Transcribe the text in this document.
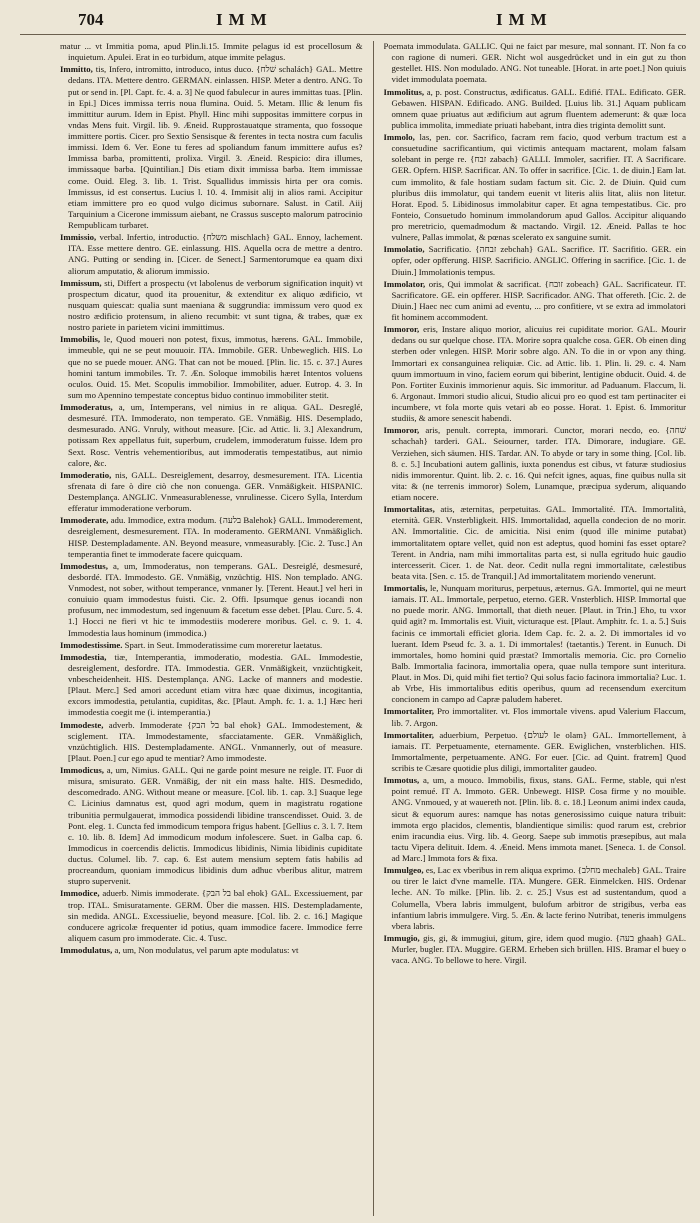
704	IMM	IMM

matur ... vt Immitia poma, apud Plin.li.15. Immite pelagus id est procellosum & inquietum. Apulei. Erat in eo turbidum, atque immite pelagus.

Immitto, tis, Infero, intromitto, introduco, intus duco. {שׁלח schalách} GAL. Mettre dedans. ITA. Mettere dentro. GERMAN. einlassen. HISP. Meter a dentro. ANG. To put or send in. [Pl. Capt. fc. 4. a. 3] Ne quod fabulecur in aures immittas tuas. [Plin. in Epi.] Dices immissa terris noua flumina. Ouid. 5. Metam. Illic & lenum fis immittitur aurum. Idem in Epist. Phyll. Hinc mihi suppositas immittere corpus in vndas Mens fuit. Virgil. lib. 9. Æneid. Rupprostauatque stramenta, quo fossoque immittere portis. Cicer. pro Sextio Sensisque & ferentes in tecta nostra cum faculis immissi. Idem 6. Ver. Eone tu feres ad spoliandum fanum immittere aufus es? Immissa barba, promittenti, prolixa. Virgil. 3. Æneid. Respicio: dira illumes, immissaque barba. [Quintilian.] Dis etiam dixit immissa barba. Item immissae come. Ouid. Eleg. 3. lib. 1. Trist. Squallidus immissis hirta per ora comis. Immissus, id est consertus. Lucius l. 10. 4. Immisit alij in alios rami. Accipitur etiam immittere pro eo quod vulgo dicimus subornare. Salust. in Catil. Aiij Tarquinium a Cicerone immissum aiebant, ne Crassus suscepto malorum patrocinio Rempublicam turbaret.

Immissio, verbal. Infertio, introductio. {משלח mischlach} GAL. Ennoy, lachement. ITA. Esse mettere dentro. GE. einlassung. HIS. Aquella ocra de mettre a dentro. ANG. Putting or sending in. [Cicer. de Senect.] Sarmentorumque ea quam dixi aliorum amputatio, & aliorum immissio.

Immissum, sti, Differt a prospectu (vt labolenus de verborum signification inquit) vt prospectum dicatur, quod ita prouenitur, & extenditur ex aliquo ædificio, vt nusquam quiescat: qualia sunt maeniana & suggrundia: immissum vero quod ex nostro ædificio protensum, in alieno recumbit: vt sunt tigna, & trabes, quæ ex nostro pariete in parietem vicini immittimus.

Immobilis, le, Quod moueri non potest, fixus, immotus, hærens. GAL. Immobile, immeuble, qui ne se peut mouuoir. ITA. Immobile. GER. Unbeweglich. HIS. Lo que no se puede mouer. ANG. That can not be moued. [Plin. lic. 15. c. 37.] Aures homini tantum immobiles. Tr. 7. Æn. Soloque immobilis hæret Intentos voluens oculos. Ouid. 15. Met. Scopulis immobilior. Immobiliter, aduer. Eutrop. 4. 3. In sum mo Apennino tempestate conceptus biduo continuo immobiliter stetit.

Immoderatus, a, um, Intemperans, vel nimius in re aliqua. GAL. Desreglé, desmesuré. ITA. Immoderato, non temperato. GE. Vnmäßig. HIS. Desemplado, desmesurado. ANG. Vnruly, without measure. [Cic. ad Attic. li. 3.] Alexandrum, potissam Rex appellatus fuit, superbum, crudelem, immoderatum fuisse. Idem pro Sext. Rosc. Ventris vehementioribus, aut immoderatis tempestatibus, aut nimio calore, &c.

Immoderatio, nis, GALL. Desreiglement, desarroy, desmesurement. ITA. Licentia sfrenata di fare ò dire ciò che non conuenga. GER. Vnmäßigkeit. HISPANIC. Destemplança. ANGLIC. Vnmeasurablenesse, vnrulinesse. Cicero Sylla, Interdum efferatur immoderatione verborum.

Immoderate, adu. Immodice, extra modum. {בלעה Balehok} GALL. Immoderement, desreiglement, desmesurement. ITA. In moderamento. GERMANI. Vnmäßiglich. HISP. Destempladamente. AN. Beyond measure, vnmeasurably. [Cic. 2. Tusc.] An temperantia finet te immoderate facere quicquam.

Immodestus, a, um, Immoderatus, non temperans. GAL. Desreiglé, desmesuré, desbordé. ITA. Immodesto. GE. Vnmäßig, vnzüchtig. HIS. Non templado. ANG. Vnmodest, not sober, without temperance, vnmaner ly. [Terent. Heaut.] vel heri in conuiuio quam immodestus fuisti. Cic. 2. Offi. Ipsumque genus iocandi non profusum, nec immodestum, sed ingenuum & facetum esse debet. [Plau. Curc. 5. 4. 1.] Hocci ne fieri vt hic te immodestiis moderere moribus. Gel. c. 9. 1. 4. Immodestia laus hominum (immodica.)

Immodestissime. Spart. in Seut. Immoderatissime cum moreretur laetatus.

Immodestia, tiæ, Intemperantia, immoderatio, modestia. GAL. Immodestie, desreiglement, desfordre. ITA. Immodestia. GER. Vnmäßigkeit, vnzüchtigkeit, vnbescheidenheit. HIS. Destemplança. ANG. Lacke of manners and modestie. [Plaut. Merc.] Sed amori accedunt etiam vitra hæc quae diximus, incogitantia, excors immodestia, petulantia, cupiditas, &c. [Plaut. Amph. fc. 1. a. 1.] Hæc heri immodestia coegit me (i. intemperantia.)

Immodeste, adverb. Immoderate {בל הבק bal ehok} GAL. Immodestement, & sciglement. ITA. Immodestamente, sfacciatamente. GER. Vnmäßiglich, vnzüchtiglich. HIS. Destempladamente. ANGL. Vnmannerly, out of measure. [Plaut. Poen.] cur ego apud te mentiar? Amo immodeste.

Immodicus, a, um, Nimius. GALL. Qui ne garde point mesure ne reigle. IT. Fuor di misura, smisurato. GER. Vnmäßig, der nit ein mass halte. HIS. Desmedido, descomedrado. ANG. Without meane or measure. [Col. lib. 1. cap. 3.] Suaque lege C. Licinius damnatus est, quod agri modum, quem in magistratu rogatione tribunitia permulgauerat, immodica possidendi libidine transcendisset. Ouid. 3. de Pont. eleg. 1. Cuncta fed immodicum tempora frigus habent. [Gellius c. 3. l. 7. Item c. 10. lib. 8. Idem] Ad immodicum modum infolescere. Suet. in Galba cap. 6. Immodicus in coercendis delictis. Immodicus libidinis, Nimia libidinis cupiditate ductus. Columel. lib. 7. cap. 6. Est autem mensium septem fatis habilis ad procreandum, quoniam immodicus libidinis dum adhuc vberibus alitur, matrem stupro supervenit.

Immodice, aduerb. Nimis immoderate. {בל הבק bal ehok} GAL. Excessiuement, par trop. ITAL. Smisuratamente. GERM. Über die massen. HIS. Destempladamente, sin medida. ANGL. Excessiuelie, beyond measure. [Col. lib. 2. c. 16.] Magique conducere agricolæ frequenter id potius, quam immodice facere. Immodice ferre aliquem casum pro immoderate. Cic. 4. Tusc.

Immodulatus, a, um, Non modulatus, vel parum apte modulatus: vt

Poemata immodulata. GALLIC. Qui ne faict par mesure, mal sonnant. IT. Non fa co con ragione di numeri. GER. Nicht wol ausgedrücket und in ein gut zu thon gestellet. HIS. Non modulado. ANG. Not tuneable. [Horat. in arte poet.] Non quiuis videt immodulata poemata.

Immolitus, a, p. post. Constructus, ædificatus. GALL. Edifié. ITAL. Edificato. GER. Gebawen. HISPAN. Edificado. ANG. Builded. [Luius lib. 31.] Aquam publicam omnem quae priuatus aut ædificium aut agrum fluentem ademerunt: & quæ loca publica immolita, immediate priuati habebant, intra dies triginta demolitt sunt.

Immolo, las, pen. cor. Sacrifico, facram rem facio, quod verbum tractum est a consuetudine sacrificantium, qui victimis antequam mactarent, molam falsam solebant in perge re. {זבח zabach} GALLI. Immoler, sacrifier. IT. A Sacrificare. GER. Opfern. HISP. Sacrificar. AN. To offer in sacrifice. [Cic. 1. de diuin.] Eam lat. cum immolito, & fale hostiam sudam factum sit. Cic. 2. de Diuin. Quid cum pluribus diis immolatur, qui tandem euenit vt literis aliis litat, aliis non litetur. Horat. Epod. 5. Libidinosus immolabitur caper. Et agna tempestatibus. Cic. pro Fonteio, Consuetudo hominum immolandorum apud Gallos. Accipitur aliquando pro meretricio, quemadmodum & mactando. Virgil. 12. Æneid. Pallas te hoc vulnere, Pallas immolat, & pœnas scelerato ex sanguine sumit.

Immolatio, Sacrificatio. {זבחה zebchah} GAL. Sacrifice. IT. Sacrifitio. GER. ein opfer, oder opfferung. HISP. Sacrificio. ANGLIC. Offering in sacrifice. [Cic. 1. de Diuin.] Immolationis tempus.

Immolator, oris, Qui immolat & sacrificat. {זובח zobeach} GAL. Sacrificateur. IT. Sacrificatore. GE. ein opfferer. HISP. Sacrificador. ANG. That offereth. [Cic. 2. de Diuin.] Haec nec cum animi ad eventu, ... pro confitiere, vt se extra ad immolatori fit hominem accommodent.

Immoror, eris, Instare aliquo morior, alicuius rei cupiditate morior. GAL. Mourir dedans ou sur quelque chose. ITA. Morire sopra qualche cosa. GER. Ob einen ding sterben oder vnlegen. HISP. Morir sobre algo. AN. To die in or vpon any thing. Immortari ex consanguinea reliquiæ. Cic. ad Attic. lib. 1. Plin. li. 29. c. 4. Nam quum immortuum in vino, faciem eorum qui biberint, lentigine obducit. Ouid. 4. de Pon. Fortiter Euxinis immorienur aquis. Sic immoritur. ad Paduanum. Flaccum, li. 6. Argonaut. Immori studio alicui, Studio alicui pro eo quod est tam pertinaciter ei incumbere, vt fola morte quis vetari ab eo posse. Horat. 1. Epist. 6. Immoritur studiis, & amore senescit habendi.

Immoror, aris, penult. correpta, immorari. Cunctor, morari necdo, eo. {שׁחה schachah} tarderi. GAL. Seiourner, tarder. ITA. Dimorare, indugiare. GE. Verziehen, sich säumen. HIS. Tardar. AN. To abyde or tary in some thing. [Col. lib. 8. c. 5.] Incubationi autem gallinis, iuxta ponendus est cibus, vt faturæ studiosius nidis immorentur. Quint. lib. 2. c. 16. Qui nefcit ignes, aquas, fine quibus nulla sit vita: & (ne terrenis immoror) Solem, Lunamque, præcipua syderum, aliquando etiam nocere.

Immortalitas, atis, æternitas, perpetuitas. GAL. Immortalité. ITA. Immortalità, eternità. GER. Vnsterbligkeit. HIS. Immortalidad, aquella condecion de no morir. AN. Immortalitie. Cic. de amicitia. Nisi enim (quod ille minime putabat) immortalitatem optare vellet, quid non est adeptus, quod homini fas esset optare? Terent. in Andria, nam mihi immortalitas parta est, si nulla egritudo huic gaudio intercesserit. Cicer. 1. de Nat. deor. Cedit nulla regni immortalitate, cælestibus beata vita. [Sen. c. 15. de Tranquil.] Ad immortalitatem moriendo venerunt.

Immortalis, le, Nunquam moriturus, perpetuus, æternus. GA. Immortel, qui ne meurt iamais. IT. AL. Immortale, perpetuo, eterno. GER. Vnsterblich. HISP. Immortal que no puede morir. ANG. Immortall, that dieth neuer. [Plaut. in Trin.] Eho, tu vxor quid agit? m. Immortalis est. Viuit, victuraque est. [Plaut. Amphitr. fc. 1. a. 5.] Suis facinis ce immortali efficiet gloria. Idem Cap. fc. 2. a. 2. Di immortales id vo luerant. Idem Pseud fc. 3. a. 1. Di immortales! (taetantis.) Terent. in Eunuch. Di immortales, homo homini quid præstat? Immortalis memoria. Cic. pro Cornelio Balb. Immortalia facinora, immortalia opera, quae nulla tempore sunt interitura. Plaut. in Mos. Di, quid mihi fiet tertio? Qui solus facio facinora immortalia? Luc. 1. ab Vrbe, His immortalibus editis operibus, quum ad recensendum exercitum concionem in campo ad Capræ paludem haberet.

Immortaliter, Pro immortaliter. vt. Flos immortale vivens. apud Valerium Flaccum, lib. 7. Argon.

Immortaliter, aduerbium, Perpetuo. {לעולם le olam} GAL. Immortellement, à iamais. IT. Perpetuamente, eternamente. GER. Ewiglichen, vnsterblichen. HIS. Immortalmente, perpetuamente. ANG. For euer. [Cic. ad Quint. fratrem] Quod scribis te Cæsare quotidie plus diligi, immortaliter gaudeo.

Immotus, a, um, a mouco. Immobilis, fixus, stans. GAL. Ferme, stable, qui n'est point remué. IT A. Immoto. GER. Unbewegt. HISP. Cosa firme y no mouible. ANG. Vnmoued, y at wauereth not. [Plin. lib. 8. c. 18.] Leonum animi index cauda, sicut & equorum aures: namque has notas generosissimo cuique natura tribuit: immota ergo placidos, clementis, blandientique similis: quod rarum est, crebrior enim iracundia eius. Virg. lib. 4. Georg. Saepe sub immotis præsepibus, aut mala tactu Vipera delituit. Idem. 4. Æneid. Mens immota manet. [Seneca. 1. de Consol. ad Marc.] Immota fors & fixa.

Immulgeo, es, Lac ex vberibus in rem aliqua exprimo. {מחלב mechaleb} GAL. Traire ou tirer le laict d'vne mamelle. ITA. Mungere. GER. Einmelcken. HIS. Ordenar leche. AN. To milke. [Plin. lib. 2. c. 25.] Vsus est ad sustentandum, quod a Columella, Vbera labris immulgent, bulofum arbitror de strigibus, verba eas infantium labris immulgere. Virg. 5. Æn. & lacte ferino Nutribat, teneris immulgens vbera labris.

Immugio, gis, gi, & immugiui, gitum, gire, idem quod mugio. {בעה ghaah} GAL. Murler, bugler. ITA. Muggire. GERM. Erheben sich brüllen. HIS. Bramar el buey o vaca. ANG. To bellowe to here. Virgil.
